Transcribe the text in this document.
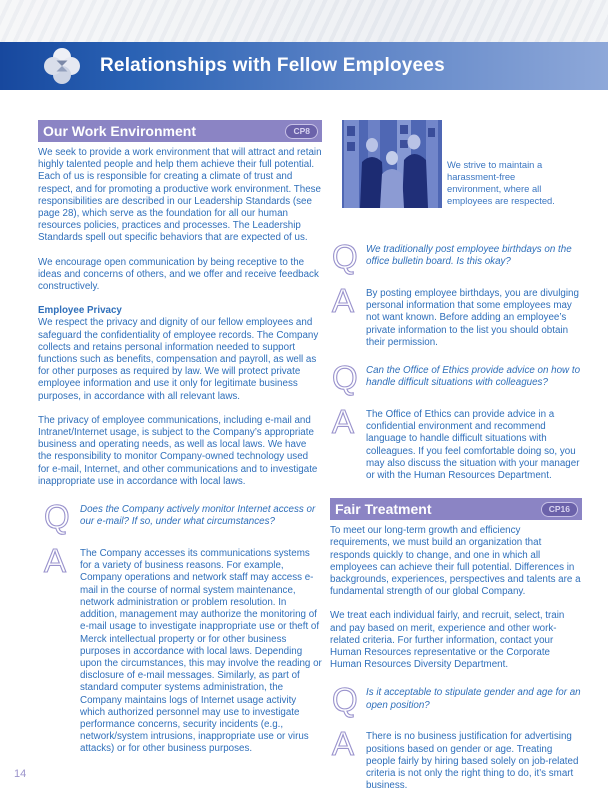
Relationships with Fellow Employees
Our Work Environment	CP8

We seek to provide a work environment that will attract and retain highly talented people and help them achieve their full potential. Each of us is responsible for creating a climate of trust and respect, and for promoting a productive work environment. These responsibilities are described in our Leadership Standards (see page 28), which serve as the foundation for all our human resources policies, practices and processes. The Leadership Standards spell out specific behaviors that are expected of us.

We encourage open communication by being receptive to the ideas and concerns of others, and we offer and receive feedback constructively.

Employee Privacy

We respect the privacy and dignity of our fellow employees and safeguard the confidentiality of employee records. The Company collects and retains personal information needed to support functions such as benefits, compensation and payroll, as well as for other purposes as required by law. We will protect private employee information and use it only for legitimate business purposes, in accordance with all relevant laws.

The privacy of employee communications, including e-mail and Intranet/Internet usage, is subject to the Company’s appropriate business and operating needs, as well as local laws. We have the responsibility to monitor Company-owned technology used for e-mail, Internet, and other communications and to investigate inappropriate use in accordance with local laws.

Q	Does the Company actively monitor Internet access or our e-mail? If so, under what circumstances?
A	The Company accesses its communications systems for a variety of business reasons. For example, Company operations and network staff may access e-mail in the course of normal system maintenance, network administration or problem resolution. In addition, management may authorize the monitoring of e-mail usage to investigate inappropriate use or theft of Merck intellectual property or for other business purposes in accordance with local laws. Depending upon the circumstances, this may involve the reading or disclosure of e-mail messages. Similarly, as part of standard computer systems administration, the Company maintains logs of Internet usage activity which authorized personnel may use to investigate performance concerns, security incidents (e.g., network/system intrusions, inappropriate use or virus attacks) or for other business purposes.
We strive to maintain a harassment-free environment, where all employees are respected.
Q We traditionally post employee birthdays on the office bulletin board. Is this okay?
A	By posting employee birthdays, you are divulging personal information that some employees may not want known. Before adding an employee’s private information to the list you should obtain their permission.
Q Can the Office of Ethics provide advice on how to handle difficult situations with colleagues?
A	The Office of Ethics can provide advice in a confidential environment and recommend language to handle difficult situations with colleagues. If you feel comfortable doing so, you may also discuss the situation with your manager or with the Human Resources Department.
Fair Treatment	CP16

To meet our long-term growth and efficiency requirements, we must build an organization that responds quickly to change, and one in which all employees can achieve their full potential. Differences in backgrounds, experiences, perspectives and talents are a fundamental strength of our global Company.

We treat each individual fairly, and recruit, select, train and pay based on merit, experience and other work-related criteria. For further information, contact your Human Resources representative or the Corporate Human Resources Diversity Department.

Q Is it acceptable to stipulate gender and age for an open position?
A	There is no business justification for advertising positions based on gender or age. Treating people fairly by hiring based solely on job-related criteria is not only the right thing to do, it’s smart business.
14
